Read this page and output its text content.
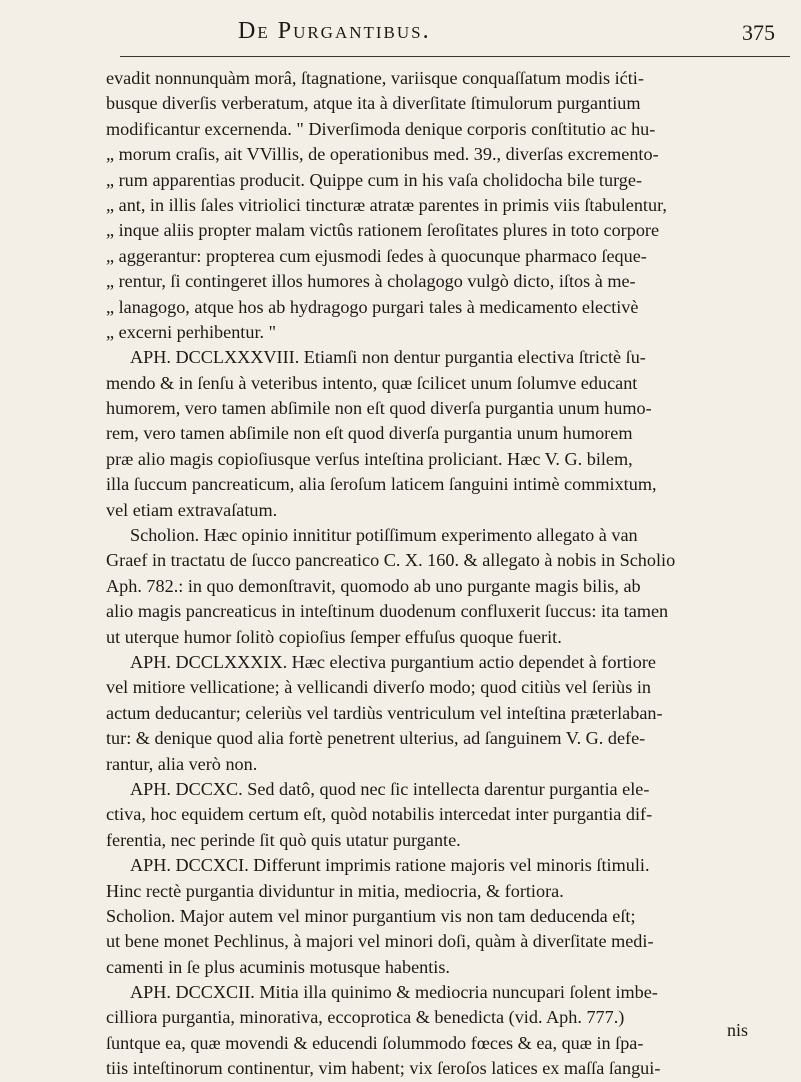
De Purgantibus.	375
evadit nonnunquàm morâ, ſtagnatione, variisque conquaſſatum modis ićti-
busque diverſis verberatum, atque ita à diverſitate ſtimulorum purgantium
modificantur excernenda. " Diverſimoda denique corporis conſtitutio ac hu-
„ morum craſis, ait VVillis, de operationibus med. 39., diverſas excremento-
„ rum apparentias producit. Quippe cum in his vaſa cholidocha bile turge-
„ ant, in illis ſales vitriolici tincturæ atratæ parentes in primis viis ſtabulentur,
„ inque aliis propter malam victûs rationem ſeroſitates plures in toto corpore
„ aggerantur: propterea cum ejusmodi ſedes à quocunque pharmaco ſeque-
„ rentur, ſi contingeret illos humores à cholagogo vulgò dicto, iſtos à me-
„ lanagogo, atque hos ab hydragogo purgari tales à medicamento electivè
„ excerni perhibentur. "
APH. DCCLXXXVIII. Etiamſi non dentur purgantia electiva ſtrictè ſu-
mendo & in ſenſu à veteribus intento, quæ ſcilicet unum ſolumve educant
humorem, vero tamen abſimile non eſt quod diverſa purgantia unum humo-
rem, vero tamen abſimile non eſt quod diverſa purgantia unum humorem
præ alio magis copioſiusque verſus inteſtina proliciant. Hæc V. G. bilem,
illa ſuccum pancreaticum, alia ſeroſum laticem ſanguini intimè commixtum,
vel etiam extravaſatum.
Scholion. Hæc opinio innititur potiſſimum experimento allegato à van
Graef in tractatu de ſucco pancreatico C. X. 160. & allegato à nobis in Scholio
Aph. 782.: in quo demonſtravit, quomodo ab uno purgante magis bilis, ab
alio magis pancreaticus in inteſtinum duodenum confluxerit ſuccus: ita tamen
ut uterque humor ſolitò copioſius ſemper effuſus quoque fuerit.
APH. DCCLXXXIX. Hæc electiva purgantium actio dependet à fortiore
vel mitiore vellicatione; à vellicandi diverſo modo; quod citiùs vel ſeriùs in
actum deducantur; celeriùs vel tardiùs ventriculum vel inteſtina præterlaban-
tur: & denique quod alia fortè penetrent ulterius, ad ſanguinem V. G. defe-
rantur, alia verò non.
APH. DCCXC. Sed datô, quod nec ſic intellecta darentur purgantia ele-
ctiva, hoc equidem certum eſt, quòd notabilis intercedat inter purgantia dif-
ferentia, nec perinde ſit quò quis utatur purgante.
APH. DCCXCI. Differunt imprimis ratione majoris vel minoris ſtimuli.
Hinc rectè purgantia dividuntur in mitia, mediocria, & fortiora.
Scholion. Major autem vel minor purgantium vis non tam deducenda eſt;
ut bene monet Pechlinus, à majori vel minori doſi, quàm à diverſitate medi-
camenti in ſe plus acuminis motusque habentis.
APH. DCCXCII. Mitia illa quinimo & mediocria nuncupari ſolent imbe-
cilliora purgantia, minorativa, eccoprotica & benedicta (vid. Aph. 777.)
ſuntque ea, quæ movendi & educendi ſolummodo fœces & ea, quæ in ſpa-
tiis inteſtinorum continentur, vim habent; vix ſeroſos latices ex maſſa ſangui-
nis
